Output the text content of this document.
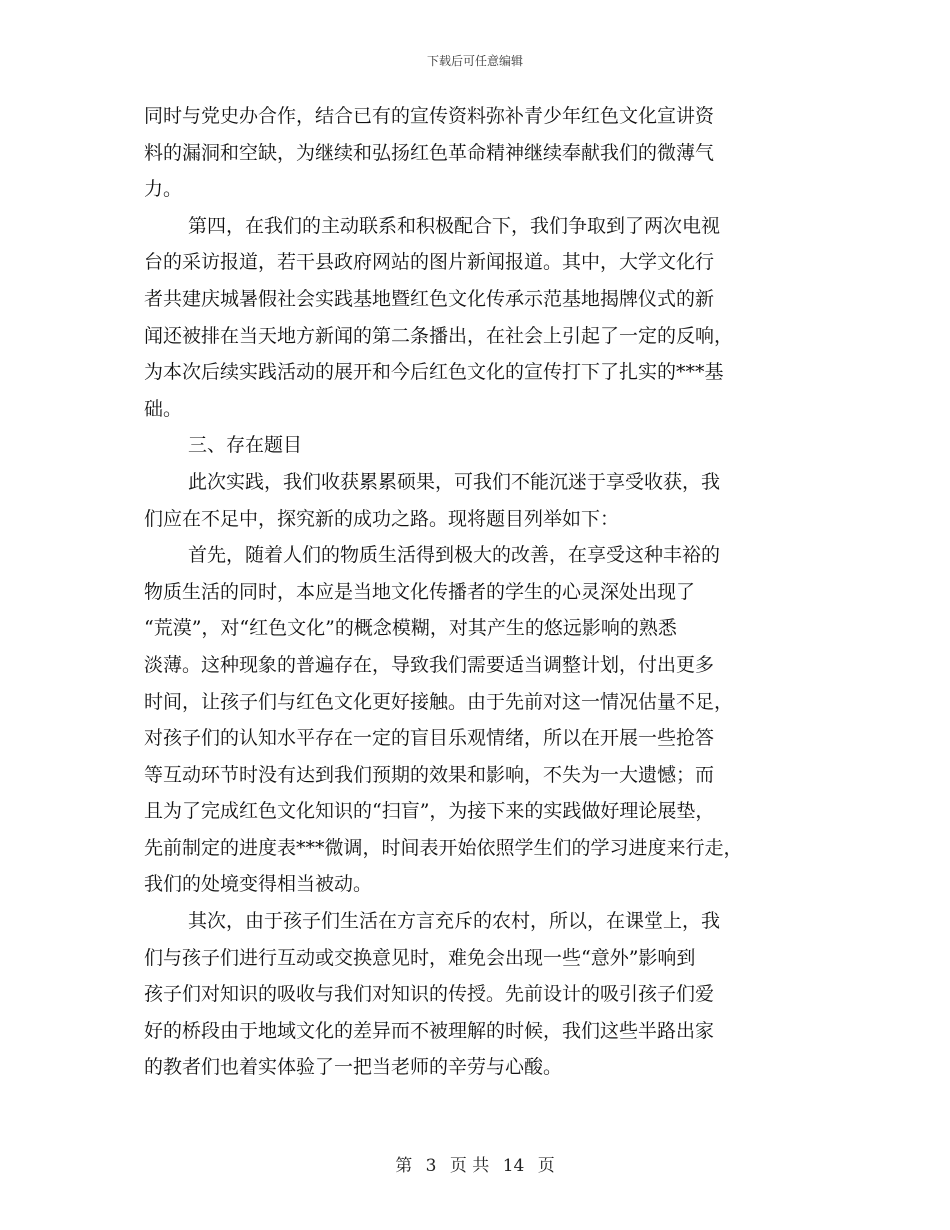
下载后可任意编辑
同时与党史办合作，结合已有的宣传资料弥补青少年红色文化宣讲资
料的漏洞和空缺，为继续和弘扬红色革命精神继续奉献我们的微薄气
力。
第四，在我们的主动联系和积极配合下，我们争取到了两次电视
台的采访报道，若干县政府网站的图片新闻报道。其中，大学文化行
者共建庆城暑假社会实践基地暨红色文化传承示范基地揭牌仪式的新
闻还被排在当天地方新闻的第二条播出，在社会上引起了一定的反响，
为本次后续实践活动的展开和今后红色文化的宣传打下了扎实的***基
础。
三、存在题目
此次实践，我们收获累累硕果，可我们不能沉迷于享受收获，我
们应在不足中，探究新的成功之路。现将题目列举如下：
首先，随着人们的物质生活得到极大的改善，在享受这种丰裕的
物质生活的同时，本应是当地文化传播者的学生的心灵深处出现了
“荒漠”，对“红色文化”的概念模糊，对其产生的悠远影响的熟悉
淡薄。这种现象的普遍存在，导致我们需要适当调整计划，付出更多
时间，让孩子们与红色文化更好接触。由于先前对这一情况估量不足，
对孩子们的认知水平存在一定的盲目乐观情绪，所以在开展一些抢答
等互动环节时没有达到我们预期的效果和影响，不失为一大遗憾；而
且为了完成红色文化知识的“扫盲”，为接下来的实践做好理论展垫，
先前制定的进度表***微调，时间表开始依照学生们的学习进度来行走，
我们的处境变得相当被动。
其次，由于孩子们生活在方言充斥的农村，所以，在课堂上，我
们与孩子们进行互动或交换意见时，难免会出现一些“意外”影响到
孩子们对知识的吸收与我们对知识的传授。先前设计的吸引孩子们爱
好的桥段由于地域文化的差异而不被理解的时候，我们这些半路出家
的教者们也着实体验了一把当老师的辛劳与心酸。
第 3 页 共 14 页
